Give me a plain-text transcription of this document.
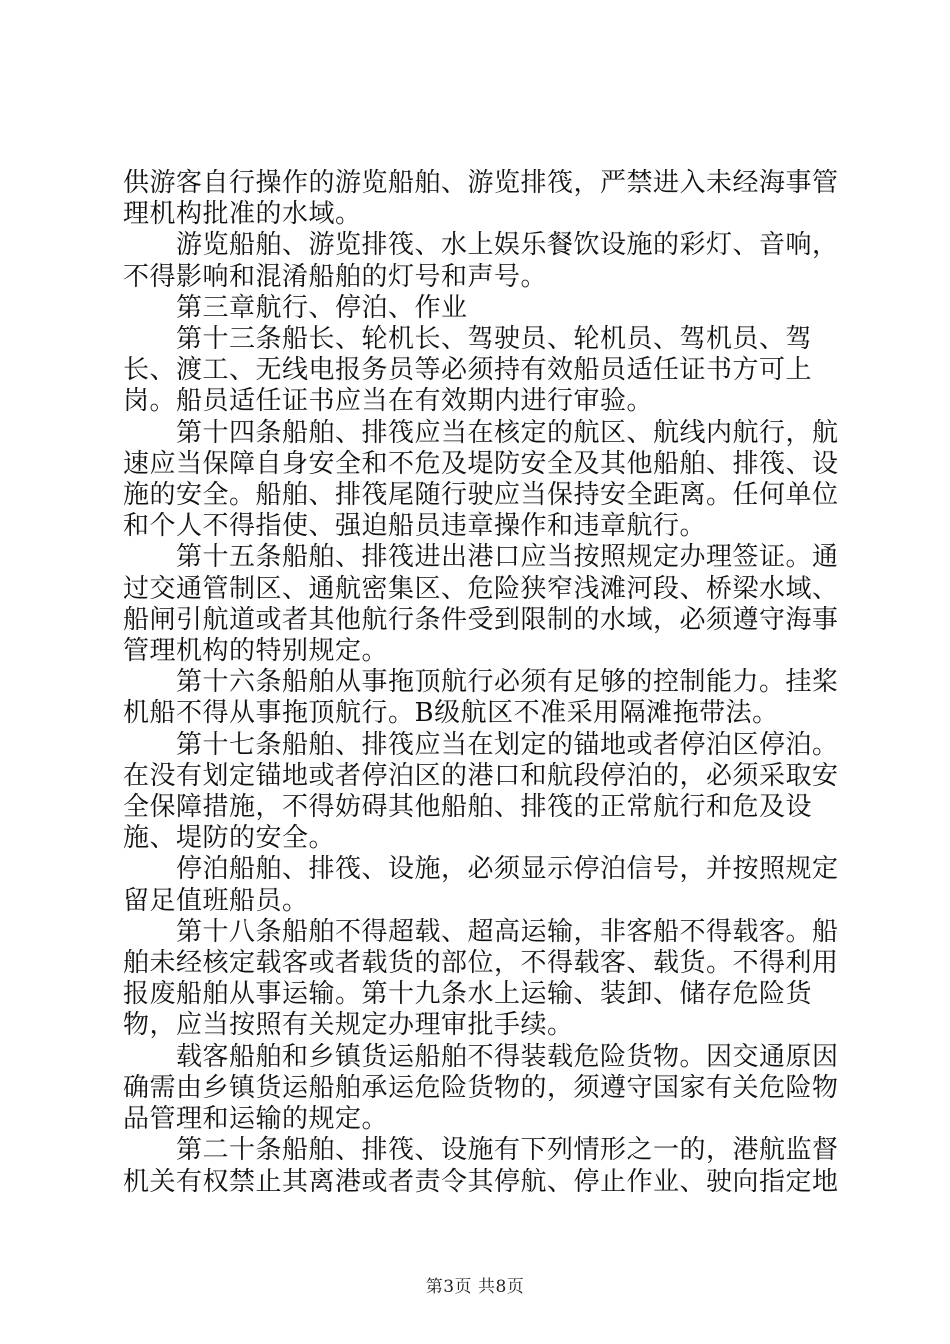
供游客自行操作的游览船舶、游览排筏，严禁进入未经海事管理机构批准的水域。

　　游览船舶、游览排筏、水上娱乐餐饮设施的彩灯、音响，不得影响和混淆船舶的灯号和声号。

　　第三章航行、停泊、作业

　　第十三条船长、轮机长、驾驶员、轮机员、驾机员、驾长、渡工、无线电报务员等必须持有效船员适任证书方可上岗。船员适任证书应当在有效期内进行审验。

　　第十四条船舶、排筏应当在核定的航区、航线内航行，航速应当保障自身安全和不危及堤防安全及其他船舶、排筏、设施的安全。船舶、排筏尾随行驶应当保持安全距离。任何单位和个人不得指使、强迫船员违章操作和违章航行。

　　第十五条船舶、排筏进出港口应当按照规定办理签证。通过交通管制区、通航密集区、危险狭窄浅滩河段、桥梁水域、船闸引航道或者其他航行条件受到限制的水域，必须遵守海事管理机构的特别规定。

　　第十六条船舶从事拖顶航行必须有足够的控制能力。挂桨机船不得从事拖顶航行。B级航区不准采用隔滩拖带法。

　　第十七条船舶、排筏应当在划定的锚地或者停泊区停泊。在没有划定锚地或者停泊区的港口和航段停泊的，必须采取安全保障措施，不得妨碍其他船舶、排筏的正常航行和危及设施、堤防的安全。

　　停泊船舶、排筏、设施，必须显示停泊信号，并按照规定留足值班船员。

　　第十八条船舶不得超载、超高运输，非客船不得载客。船舶未经核定载客或者载货的部位，不得载客、载货。不得利用报废船舶从事运输。第十九条水上运输、装卸、储存危险货物，应当按照有关规定办理审批手续。

　　载客船舶和乡镇货运船舶不得装载危险货物。因交通原因确需由乡镇货运船舶承运危险货物的，须遵守国家有关危险物品管理和运输的规定。

　　第二十条船舶、排筏、设施有下列情形之一的，港航监督机关有权禁止其离港或者责令其停航、停止作业、驶向指定地

第3页 共8页
